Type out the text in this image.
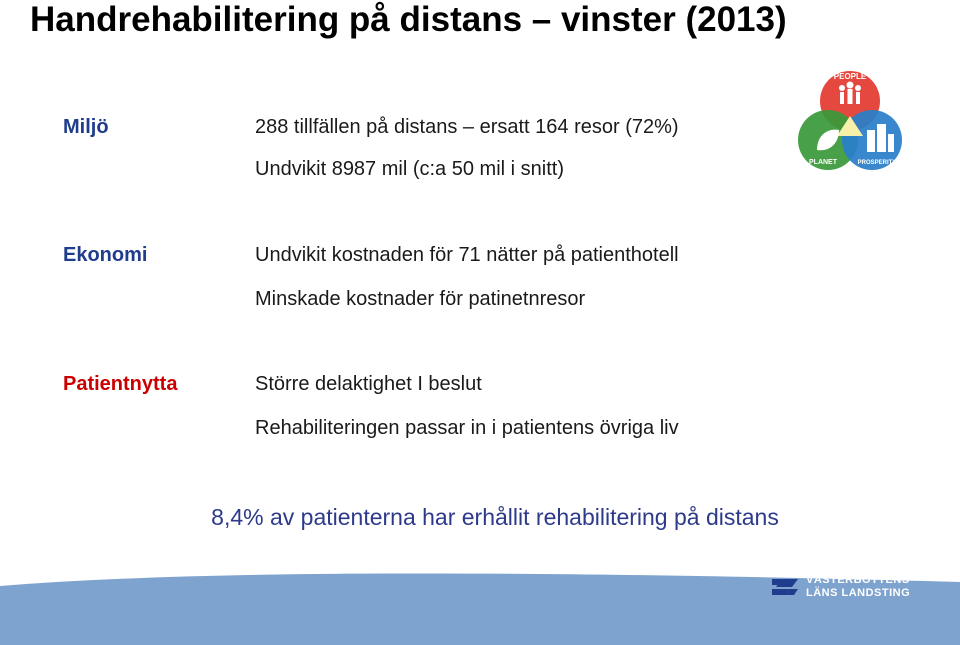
Handrehabilitering på distans – vinster (2013)
PEOPLE
PLANET	PROSPERITY
Miljö	288 tillfällen på distans – ersatt 164 resor (72%)
Undvikit 8987 mil (c:a 50 mil i snitt)
Ekonomi	Undvikit kostnaden för 71 nätter på patienthotell
Minskade kostnader för patinetnresor
Patientnytta	Större delaktighet I beslut
Rehabiliteringen passar in i patientens övriga liv
8,4% av patienterna har erhållit rehabilitering på distans
VÄSTERBOTTENS
LÄNS LANDSTING
